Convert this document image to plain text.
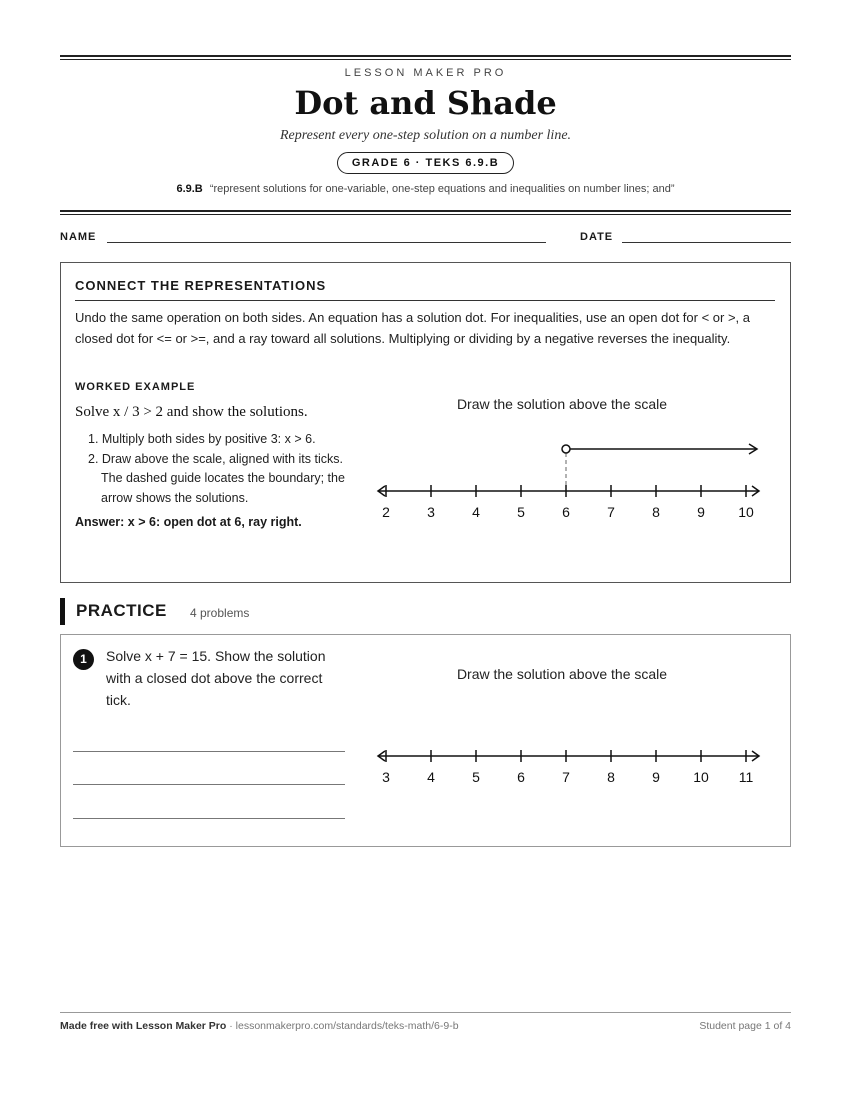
LESSON MAKER PRO
Dot and Shade
Represent every one-step solution on a number line.
GRADE 6 · TEKS 6.9.B
6.9.B “represent solutions for one-variable, one-step equations and inequalities on number lines; and”
NAME	DATE
CONNECT THE REPRESENTATIONS
Undo the same operation on both sides. An equation has a solution dot. For inequalities, use an open dot for < or >, a closed dot for <= or >=, and a ray toward all solutions. Multiplying or dividing by a negative reverses the inequality.
WORKED EXAMPLE
Solve x / 3 > 2 and show the solutions.
1. Multiply both sides by positive 3: x > 6.
2. Draw above the scale, aligned with its ticks. The dashed guide locates the boundary; the arrow shows the solutions.
Answer: x > 6: open dot at 6, ray right.
Draw the solution above the scale
2	3	4	5	6	7	8	9 10
PRACTICE 4 problems
1	Solve x + 7 = 15. Show the solution with a closed dot above the correct tick.
Draw the solution above the scale
3	4	5	6	7	8	9 10 11
Made free with Lesson Maker Pro · lessonmakerpro.com/standards/teks-math/6-9-b	Student page 1 of 4
